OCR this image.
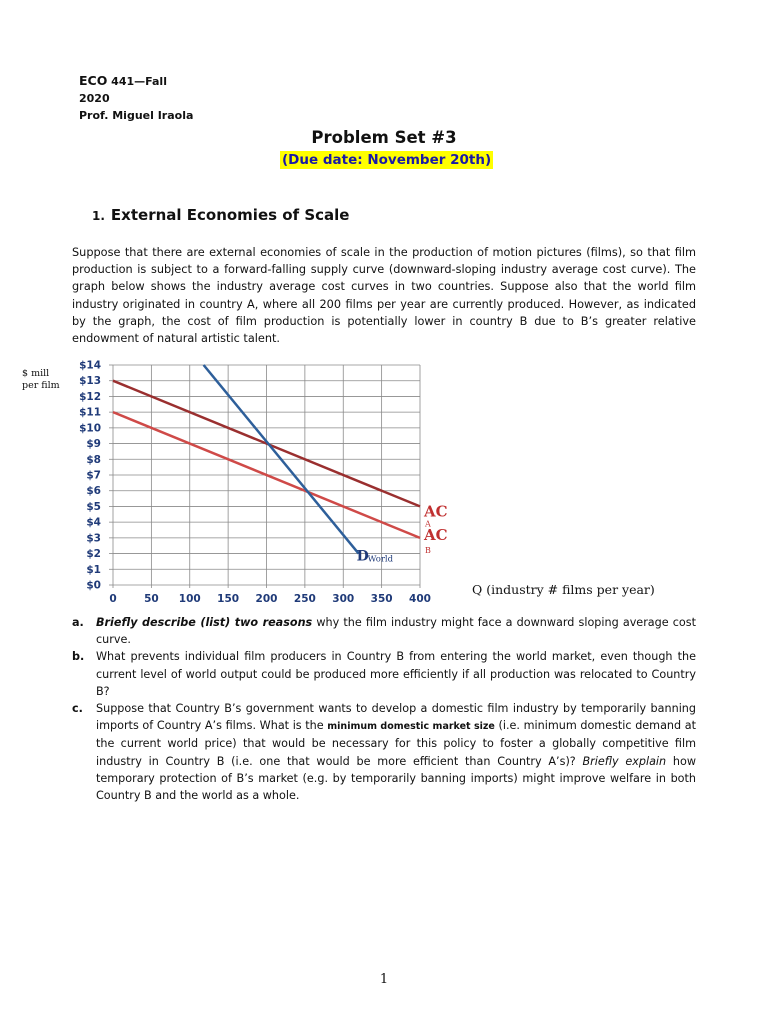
ECO 441—Fall
2020
Prof. Miguel Iraola
Problem Set #3
(Due date: November 20th)
1. External Economies of Scale
Suppose that there are external economies of scale in the production of motion pictures (films), so that film production is subject to a forward-falling supply curve (downward-sloping industry average cost curve). The graph below shows the industry average cost curves in two countries. Suppose also that the world film industry originated in country A, where all 200 films per year are currently produced. However, as indicated by the graph, the cost of film production is potentially lower in country B due to B’s greater relative endowment of natural artistic talent.
$ mill
per film
$0
$1
$2
$3
$4
$5
$6
$7
$8
$9
$10
$11
$12
$13
$14
0	50 100 150 200 250 300 350 400
AC
A
AC
B
D
World
Q (industry # films per year)
a. Briefly describe (list) two reasons why the film industry might face a downward sloping average cost curve.
b. What prevents individual film producers in Country B from entering the world market, even though the current level of world output could be produced more efficiently if all production was relocated to Country B?
c. Suppose that Country B’s government wants to develop a domestic film industry by temporarily banning imports of Country A’s films. What is the minimum domestic market size (i.e. minimum domestic demand at the current world price) that would be necessary for this policy to foster a globally competitive film industry in Country B (i.e. one that would be more efficient than Country A’s)? Briefly explain how temporary protection of B’s market (e.g. by temporarily banning imports) might improve welfare in both Country B and the world as a whole.
1
